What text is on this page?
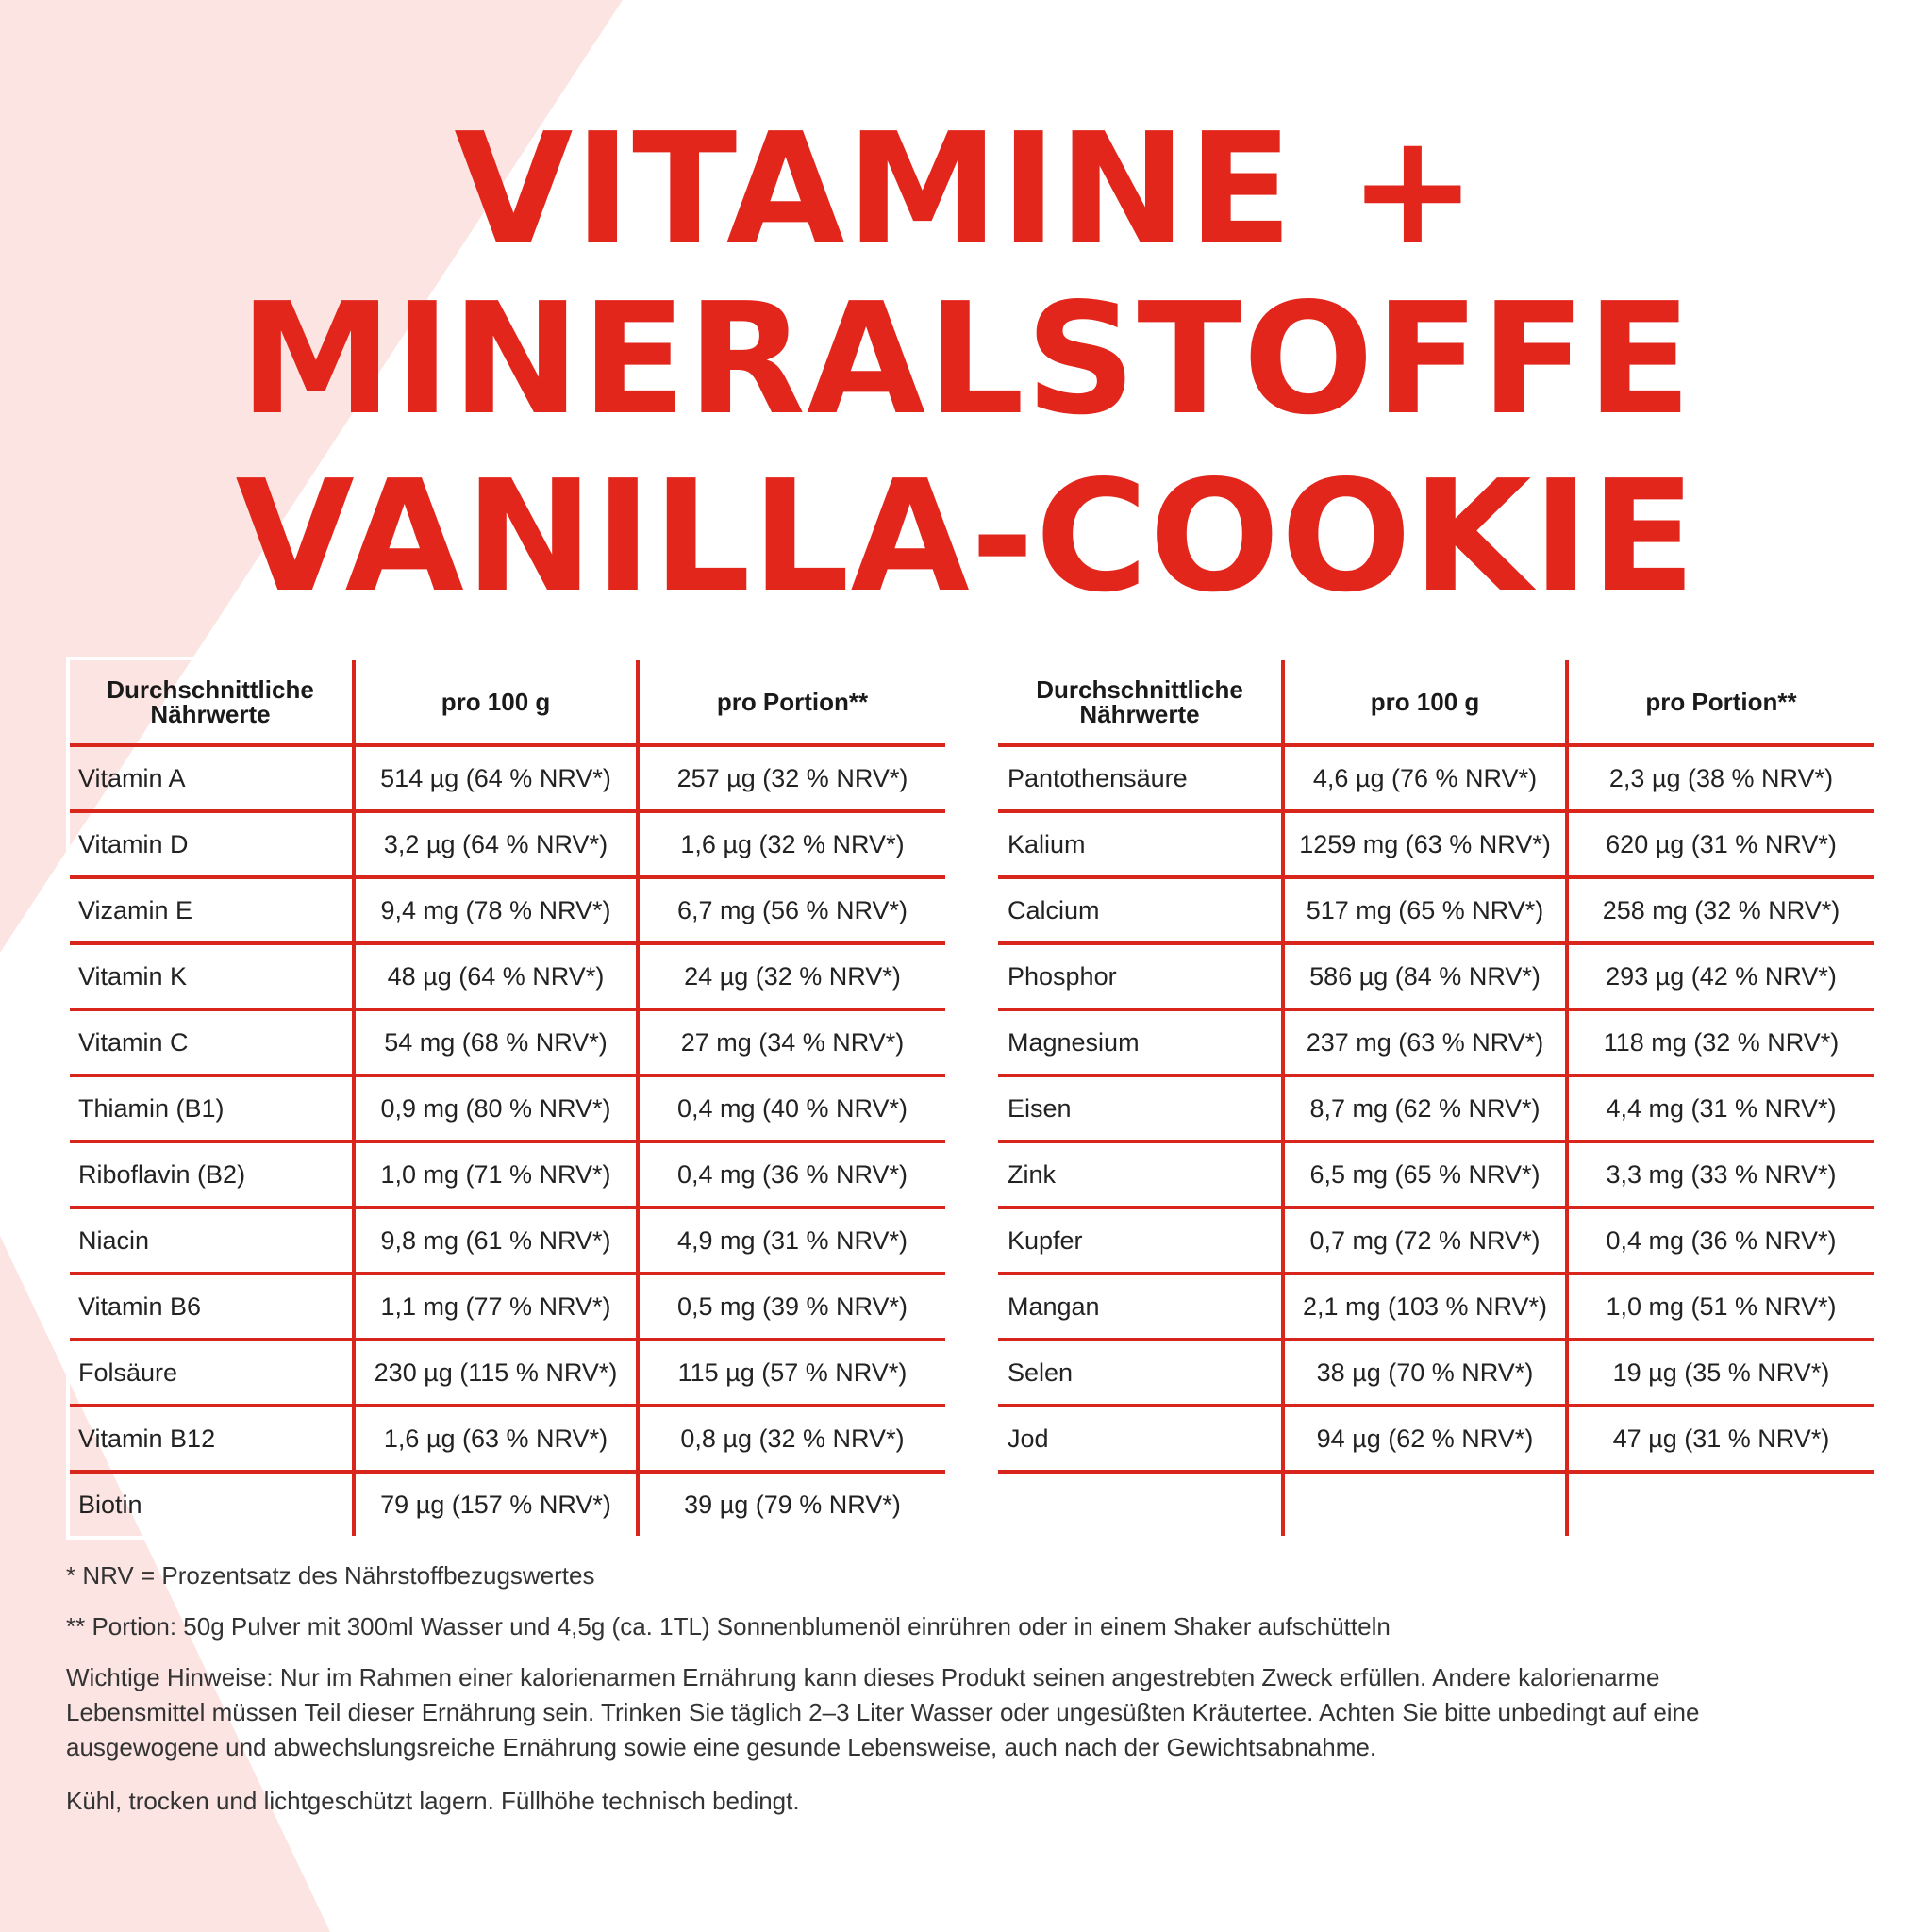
VITAMINE +
MINERALSTOFFE
VANILLA-COOKIE
Durchschnittliche Nährwerte	pro 100 g	pro Portion**
Vitamin A	514 µg (64 % NRV*)	257 µg (32 % NRV*)
Vitamin D	3,2 µg (64 % NRV*)	1,6 µg (32 % NRV*)
Vizamin E	9,4 mg (78 % NRV*)	6,7 mg (56 % NRV*)
Vitamin K	48 µg (64 % NRV*)	24 µg (32 % NRV*)
Vitamin C	54 mg (68 % NRV*)	27 mg (34 % NRV*)
Thiamin (B1)	0,9 mg (80 % NRV*)	0,4 mg (40 % NRV*)
Riboflavin (B2)	1,0 mg (71 % NRV*)	0,4 mg (36 % NRV*)
Niacin	9,8 mg (61 % NRV*)	4,9 mg (31 % NRV*)
Vitamin B6	1,1 mg (77 % NRV*)	0,5 mg (39 % NRV*)
Folsäure	230 µg (115 % NRV*)	115 µg (57 % NRV*)
Vitamin B12	1,6 µg (63 % NRV*)	0,8 µg (32 % NRV*)
Biotin	79 µg (157 % NRV*)	39 µg (79 % NRV*)
Durchschnittliche Nährwerte	pro 100 g	pro Portion**
Pantothensäure	4,6 µg (76 % NRV*)	2,3 µg (38 % NRV*)
Kalium	1259 mg (63 % NRV*)	620 µg (31 % NRV*)
Calcium	517 mg (65 % NRV*)	258 mg (32 % NRV*)
Phosphor	586 µg (84 % NRV*)	293 µg (42 % NRV*)
Magnesium	237 mg (63 % NRV*)	118 mg (32 % NRV*)
Eisen	8,7 mg (62 % NRV*)	4,4 mg (31 % NRV*)
Zink	6,5 mg (65 % NRV*)	3,3 mg (33 % NRV*)
Kupfer	0,7 mg (72 % NRV*)	0,4 mg (36 % NRV*)
Mangan	2,1 mg (103 % NRV*)	1,0 mg (51 % NRV*)
Selen	38 µg (70 % NRV*)	19 µg (35 % NRV*)
Jod	94 µg (62 % NRV*)	47 µg (31 % NRV*)

* NRV = Prozentsatz des Nährstoffbezugswertes

** Portion: 50g Pulver mit 300ml Wasser und 4,5g (ca. 1TL) Sonnenblumenöl einrühren oder in einem Shaker aufschütteln

Wichtige Hinweise: Nur im Rahmen einer kalorienarmen Ernährung kann dieses Produkt seinen angestrebten Zweck erfüllen. Andere kalorienarme Lebensmittel müssen Teil dieser Ernährung sein. Trinken Sie täglich 2–3 Liter Wasser oder ungesüßten Kräutertee. Achten Sie bitte unbedingt auf eine ausgewogene und abwechslungsreiche Ernährung sowie eine gesunde Lebensweise, auch nach der Gewichtsabnahme.

Kühl, trocken und lichtgeschützt lagern. Füllhöhe technisch bedingt.
